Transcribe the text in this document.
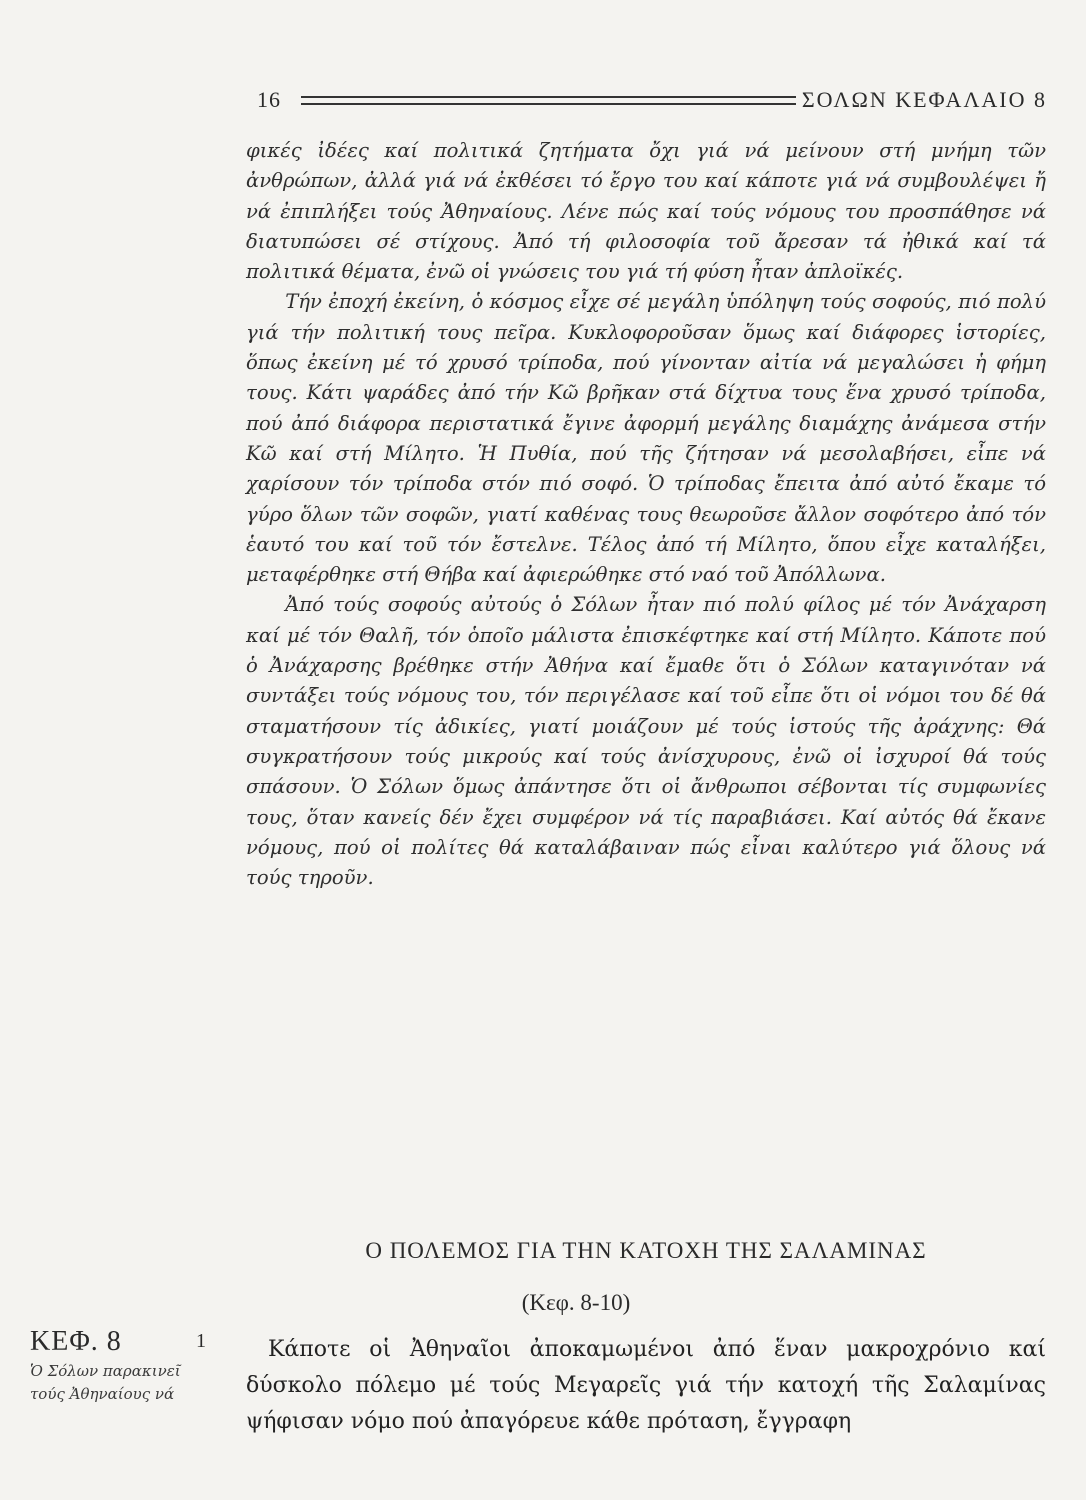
16	ΣΟΛΩΝ ΚΕΦΑΛΑΙΟ 8

φικές ἰδέες καί πολιτικά ζητήματα ὄχι γιά νά μείνουν στή μνήμη τῶν ἀνθρώπων, ἀλλά γιά νά ἐκθέσει τό ἔργο του καί κάποτε γιά νά συμβουλέψει ἤ νά ἐπιπλήξει τούς Ἀθηναίους. Λένε πώς καί τούς νόμους του προσπάθησε νά διατυπώσει σέ στίχους. Ἀπό τή φιλοσοφία τοῦ ἄρεσαν τά ἠθικά καί τά πολιτικά θέματα, ἐνῶ οἱ γνώσεις του γιά τή φύση ἦταν ἁπλοϊκές.

Τήν ἐποχή ἐκείνη, ὁ κόσμος εἶχε σέ μεγάλη ὑπόληψη τούς σοφούς, πιό πολύ γιά τήν πολιτική τους πεῖρα. Κυκλοφοροῦσαν ὅμως καί διάφορες ἱστορίες, ὅπως ἐκείνη μέ τό χρυσό τρίποδα, πού γίνονταν αἰτία νά μεγαλώσει ἡ φήμη τους. Κάτι ψαράδες ἀπό τήν Κῶ βρῆκαν στά δίχτυα τους ἕνα χρυσό τρίποδα, πού ἀπό διάφορα περιστατικά ἔγινε ἀφορμή μεγάλης διαμάχης ἀνάμεσα στήν Κῶ καί στή Μίλητο. Ἡ Πυθία, πού τῆς ζήτησαν νά μεσολαβήσει, εἶπε νά χαρίσουν τόν τρίποδα στόν πιό σοφό. Ὁ τρίποδας ἔπειτα ἀπό αὐτό ἔκαμε τό γύρο ὅλων τῶν σοφῶν, γιατί καθένας τους θεωροῦσε ἄλλον σοφότερο ἀπό τόν ἑαυτό του καί τοῦ τόν ἔστελνε. Τέλος ἀπό τή Μίλητο, ὅπου εἶχε καταλήξει, μεταφέρθηκε στή Θήβα καί ἀφιερώθηκε στό ναό τοῦ Ἀπόλλωνα.

Ἀπό τούς σοφούς αὐτούς ὁ Σόλων ἦταν πιό πολύ φίλος μέ τόν Ἀνάχαρση καί μέ τόν Θαλῆ, τόν ὁποῖο μάλιστα ἐπισκέφτηκε καί στή Μίλητο. Κάποτε πού ὁ Ἀνάχαρσης βρέθηκε στήν Ἀθήνα καί ἔμαθε ὅτι ὁ Σόλων καταγινόταν νά συντάξει τούς νόμους του, τόν περιγέλασε καί τοῦ εἶπε ὅτι οἱ νόμοι του δέ θά σταματήσουν τίς ἀδικίες, γιατί μοιάζουν μέ τούς ἱστούς τῆς ἀράχνης: Θά συγκρατήσουν τούς μικρούς καί τούς ἀνίσχυρους, ἐνῶ οἱ ἰσχυροί θά τούς σπάσουν. Ὁ Σόλων ὅμως ἀπάντησε ὅτι οἱ ἄνθρωποι σέβονται τίς συμφωνίες τους, ὅταν κανείς δέν ἔχει συμφέρον νά τίς παραβιάσει. Καί αὐτός θά ἔκανε νόμους, πού οἱ πολίτες θά καταλάβαιναν πώς εἶναι καλύτερο γιά ὅλους νά τούς τηροῦν.

Ο ΠΟΛΕΜΟΣ ΓΙΑ ΤΗΝ ΚΑΤΟΧΗ ΤΗΣ ΣΑΛΑΜΙΝΑΣ
(Κεφ. 8-10)
ΚΕΦ. 8
Ὁ Σόλων παρακινεῖ τούς Ἀθηναίους νά
1	Κάποτε οἱ Ἀθηναῖοι ἀποκαμωμένοι ἀπό ἕναν μακροχρόνιο καί δύσκολο πόλεμο μέ τούς Μεγαρεῖς γιά τήν κατοχή τῆς Σαλαμίνας ψήφισαν νόμο πού ἀπαγόρευε κάθε πρόταση, ἔγγραφη
